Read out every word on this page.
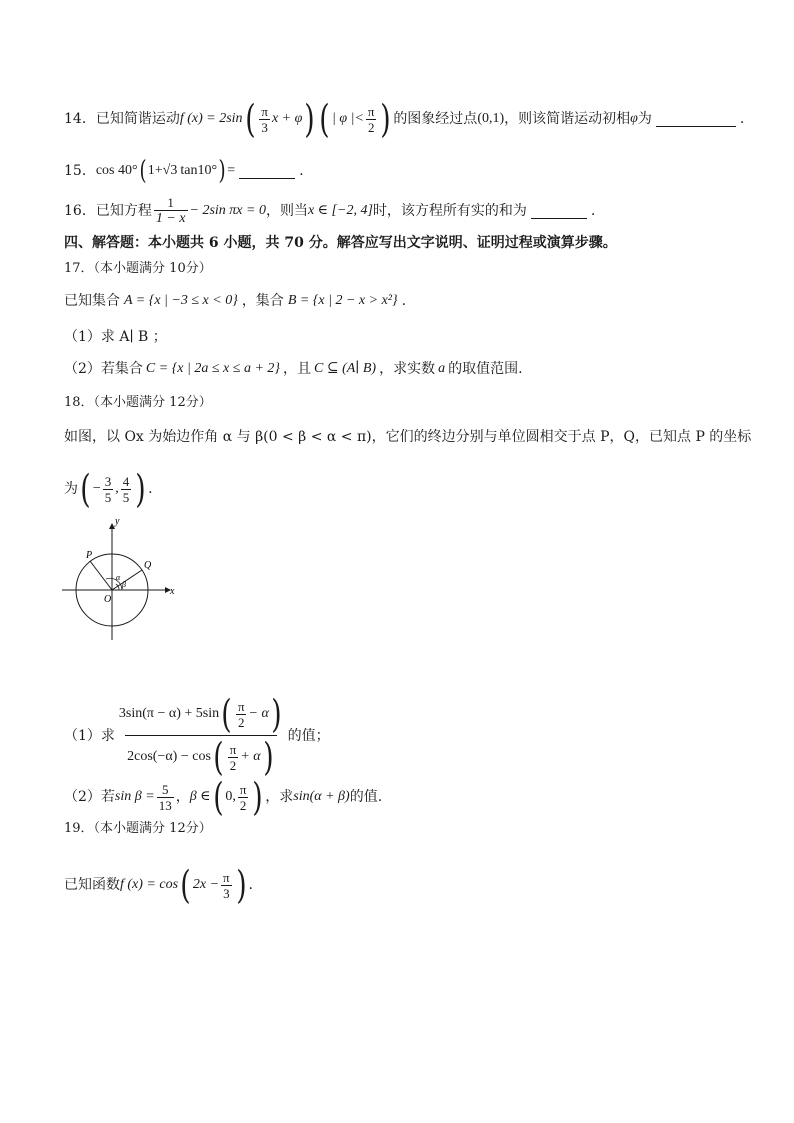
14． 已知简谐运动 f (x) = 2sin ( π
3
x + φ ) ( | φ |< π
2 ) 的图象经过点 (0,1) ，则该简谐运动初相 φ 为	.
15． cos 40° ( 1+ √3 tan10° ) =	.
16． 已知方程
1
1 − x
− 2sin πx = 0 ，则当 x ∈ [−2, 4] 时，该方程所有实的和为	.
四、解答题：本小题共 6 小题，共 70 分。解答应写出文字说明、证明过程或演算步骤。
17．（本小题满分 10分）
已知集合 A = {x | −3 ≤ x < 0} ，集合 B = {x | 2 − x > x²} .
（1）求 A∣ B ；
（2）若集合 C = {x | 2a ≤ x ≤ a + 2} ，且 C ⊆ (A∣ B) ，求实数 a 的取值范围.
18．（本小题满分 12分）
如图，以 Ox 为始边作角 α 与 β(0 < β < α < π)，它们的终边分别与单位圆相交于点 P，Q，已知点 P 的坐标
为 ( − $\frac{3}{5}$ , 4
5 ) .
y
x
O
P
Q
α
β
（1）求
3sin(π − α) + 5sin ( π
2
− α )
2cos(−α) − cos ( π
2
+ α ) 的值；
（2）若 $\sin \beta = \frac{5}{13}$ ， β ∈ ( 0, π
2 ) ，求 sin(α + β) 的值.
19．（本小题满分 12分）
已知函数 f (x) = cos ( $2x - \frac{\pi}{3}$ ) .
